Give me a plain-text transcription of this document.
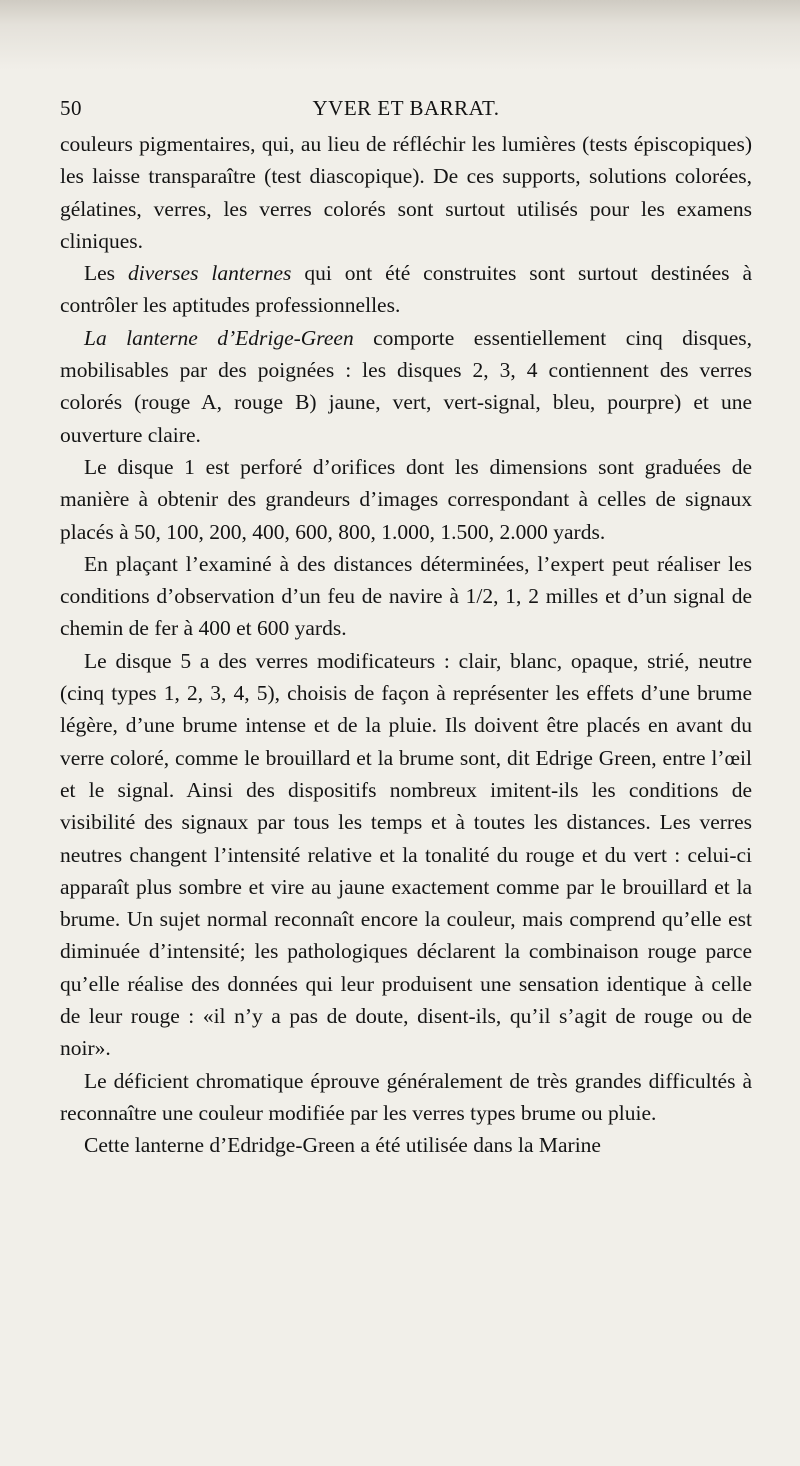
50	YVER ET BARRAT.

couleurs pigmentaires, qui, au lieu de réfléchir les lumières (tests épiscopiques) les laisse transparaître (test diascopique). De ces supports, solutions colorées, gélatines, verres, les verres colorés sont surtout utilisés pour les examens cliniques.

Les diverses lanternes qui ont été construites sont surtout destinées à contrôler les aptitudes professionnelles.

La lanterne d’Edrige-Green comporte essentiellement cinq disques, mobilisables par des poignées : les disques 2, 3, 4 contiennent des verres colorés (rouge A, rouge B) jaune, vert, vert-signal, bleu, pourpre) et une ouverture claire.

Le disque 1 est perforé d’orifices dont les dimensions sont graduées de manière à obtenir des grandeurs d’images correspondant à celles de signaux placés à 50, 100, 200, 400, 600, 800, 1.000, 1.500, 2.000 yards.

En plaçant l’examiné à des distances déterminées, l’expert peut réaliser les conditions d’observation d’un feu de navire à 1/2, 1, 2 milles et d’un signal de chemin de fer à 400 et 600 yards.

Le disque 5 a des verres modificateurs : clair, blanc, opaque, strié, neutre (cinq types 1, 2, 3, 4, 5), choisis de façon à représenter les effets d’une brume légère, d’une brume intense et de la pluie. Ils doivent être placés en avant du verre coloré, comme le brouillard et la brume sont, dit Edrige Green, entre l’œil et le signal. Ainsi des dispositifs nombreux imitent-ils les conditions de visibilité des signaux par tous les temps et à toutes les distances. Les verres neutres changent l’intensité relative et la tonalité du rouge et du vert : celui-ci apparaît plus sombre et vire au jaune exactement comme par le brouillard et la brume. Un sujet normal reconnaît encore la couleur, mais comprend qu’elle est diminuée d’intensité; les pathologiques déclarent la combinaison rouge parce qu’elle réalise des données qui leur produisent une sensation identique à celle de leur rouge : «il n’y a pas de doute, disent-ils, qu’il s’agit de rouge ou de noir».

Le déficient chromatique éprouve généralement de très grandes difficultés à reconnaître une couleur modifiée par les verres types brume ou pluie.

Cette lanterne d’Edridge-Green a été utilisée dans la Marine
